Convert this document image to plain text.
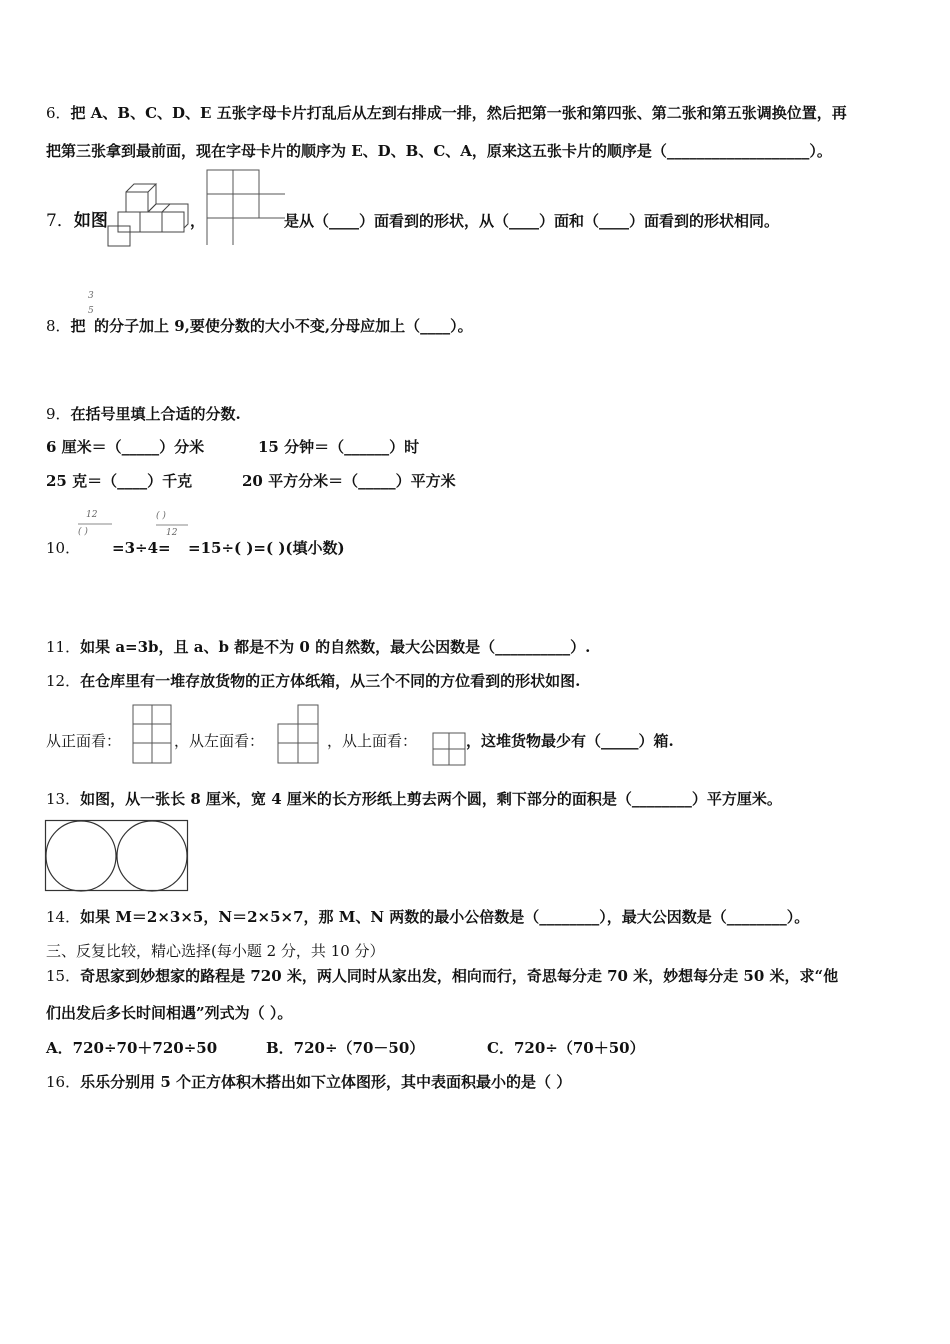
6．把 A、B、C、D、E 五张字母卡片打乱后从左到右排成一排，然后把第一张和第四张、第二张和第五张调换位置，再
把第三张拿到最前面，现在字母卡片的顺序为 E、D、B、C、A，原来这五张卡片的顺序是（___________________）。
7．如图	，	是从（____）面看到的形状，从（____）面和（____）面看到的形状相同。
8．把
3
5
的分子加上 9,要使分数的大小不变,分母应加上（____）。
9．在括号里填上合适的分数.
6 厘米＝（_____）分米	15 分钟＝（______）时
25 克＝（____）千克	20 平方分米＝（_____）平方米
10．
12
( )
=3÷4=
( )
12
=15÷( )=( )(填小数)
11．如果 a=3b，且 a、b 都是不为 0 的自然数，最大公因数是（__________）.
12．在仓库里有一堆存放货物的正方体纸箱，从三个不同的方位看到的形状如图.
从正面看：	，从左面看：	，从上面看：	，这堆货物最少有（_____）箱.
13．如图，从一张长 8 厘米，宽 4 厘米的长方形纸上剪去两个圆，剩下部分的面积是（________）平方厘米。
14．如果 M＝2×3×5，N＝2×5×7，那 M、N 两数的最小公倍数是（________），最大公因数是（________）。
三、反复比较，精心选择(每小题 2 分，共 10 分）
15．奇思家到妙想家的路程是 720 米，两人同时从家出发，相向而行，奇思每分走 70 米，妙想每分走 50 米，求“他
们出发后多长时间相遇”列式为（ ）。
A．720÷70＋720÷50	B．720÷（70－50）	C．720÷（70＋50）
16．乐乐分别用 5 个正方体积木搭出如下立体图形，其中表面积最小的是（ ）
